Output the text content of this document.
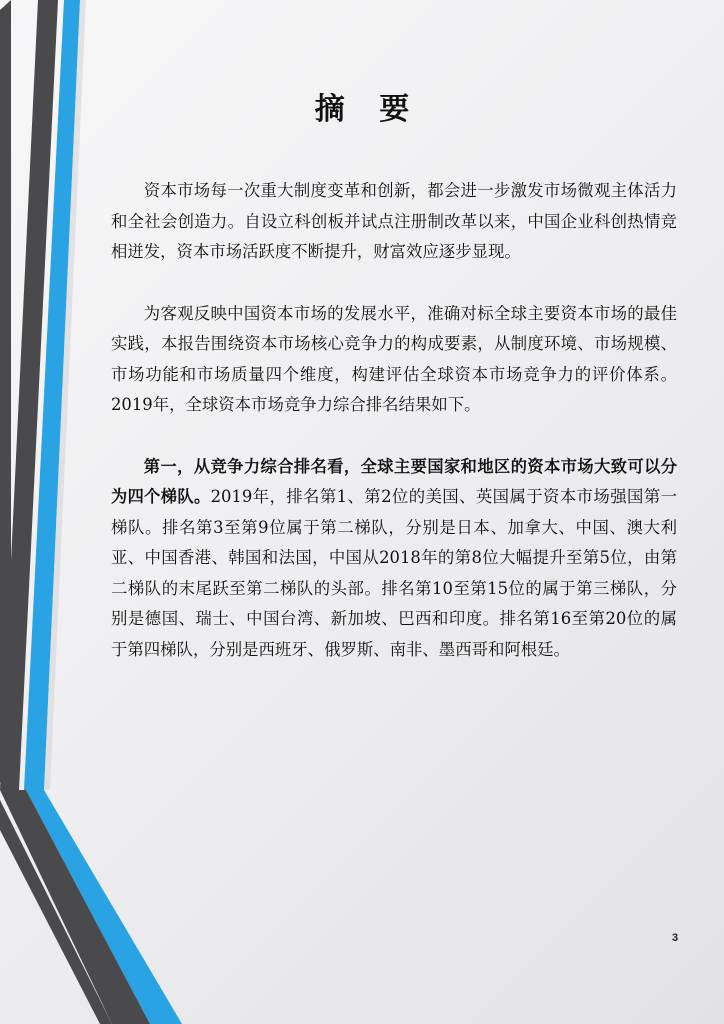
摘 要

资本市场每一次重大制度变革和创新，都会进一步激发市场微观主体活力和全社会创造力。自设立科创板并试点注册制改革以来，中国企业科创热情竞相迸发，资本市场活跃度不断提升，财富效应逐步显现。

为客观反映中国资本市场的发展水平，准确对标全球主要资本市场的最佳实践，本报告围绕资本市场核心竞争力的构成要素，从制度环境、市场规模、市场功能和市场质量四个维度，构建评估全球资本市场竞争力的评价体系。2019年，全球资本市场竞争力综合排名结果如下。

第一，从竞争力综合排名看，全球主要国家和地区的资本市场大致可以分为四个梯队。2019年，排名第1、第2位的美国、英国属于资本市场强国第一梯队。排名第3至第9位属于第二梯队，分别是日本、加拿大、中国、澳大利亚、中国香港、韩国和法国，中国从2018年的第8位大幅提升至第5位，由第二梯队的末尾跃至第二梯队的头部。排名第10至第15位的属于第三梯队，分别是德国、瑞士、中国台湾、新加坡、巴西和印度。排名第16至第20位的属于第四梯队，分别是西班牙、俄罗斯、南非、墨西哥和阿根廷。

3
